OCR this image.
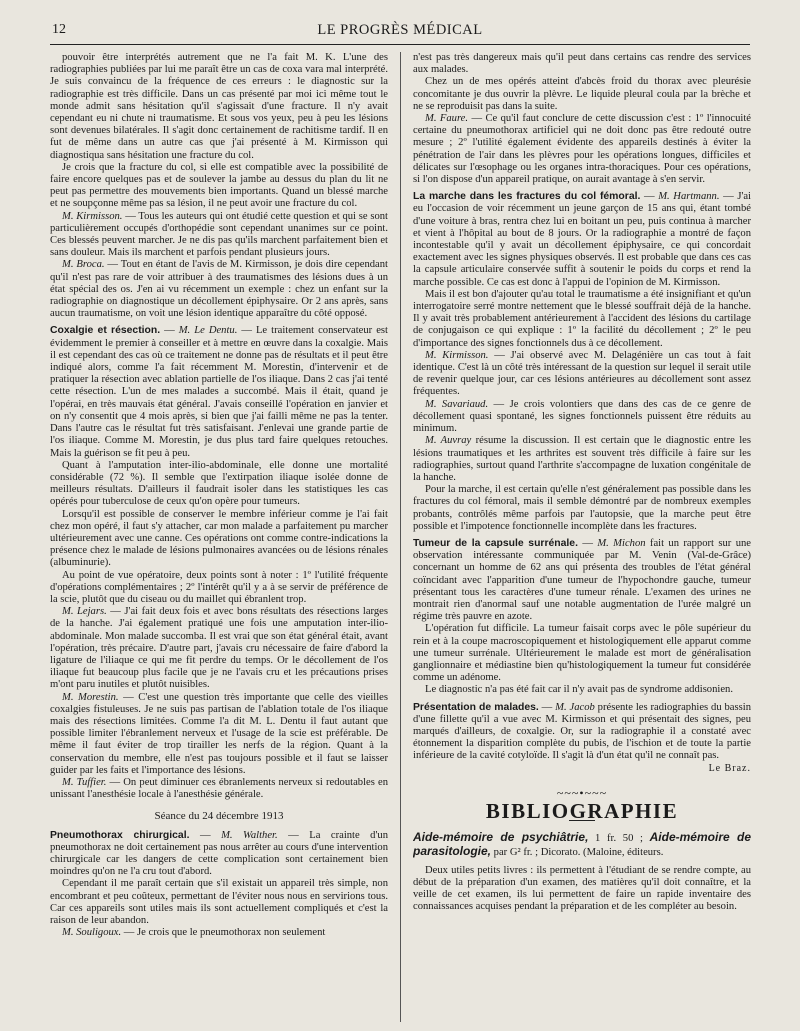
12	LE PROGRÈS MÉDICAL

pouvoir être interprétés autrement que ne l'a fait M. K. L'une des radiographies publiées par lui me paraît être un cas de coxa vara mal interprété. Je suis convaincu de la fréquence de ces erreurs : le diagnostic sur la radiographie est très difficile. Dans un cas présenté par moi ici même tout le monde admit sans hésitation qu'il s'agissait d'une fracture. Il n'y avait cependant eu ni chute ni traumatisme. Et sous vos yeux, peu à peu les lésions sont devenues bilatérales. Il s'agit donc certainement de rachitisme tardif. Il en fut de même dans un autre cas que j'ai présenté à M. Kirmisson qui diagnostiqua sans hésitation une fracture du col.

Je crois que la fracture du col, si elle est compatible avec la possibilité de faire encore quelques pas et de soulever la jambe au dessus du plan du lit ne peut pas permettre des mouvements bien importants. Quand un blessé marche et ne soupçonne même pas sa lésion, il ne peut avoir une fracture du col.

M. Kirmisson. — Tous les auteurs qui ont étudié cette question et qui se sont particulièrement occupés d'orthopédie sont cependant unanimes sur ce point. Ces blessés peuvent marcher. Je ne dis pas qu'ils marchent parfaitement bien et sans douleur. Mais ils marchent et parfois pendant plusieurs jours.

M. Broca. — Tout en étant de l'avis de M. Kirmisson, je dois dire cependant qu'il n'est pas rare de voir attribuer à des traumatismes des lésions dues à un état spécial des os. J'en ai vu récemment un exemple : chez un enfant sur la radiographie on diagnostique un décollement épiphysaire. Or 2 ans après, sans aucun traumatisme, on voit une lésion identique apparaître du côté opposé.

Coxalgie et résection. — M. Le Dentu. — Le traitement conservateur est évidemment le premier à conseiller et à mettre en œuvre dans la coxalgie. Mais il est cependant des cas où ce traitement ne donne pas de résultats et il peut être indiqué alors, comme l'a fait récemment M. Morestin, d'intervenir et de pratiquer la résection avec ablation partielle de l'os iliaque. Dans 2 cas j'ai tenté cette résection. L'un de mes malades a succombé. Mais il était, quand je l'opérai, en très mauvais état général. J'avais conseillé l'opération en janvier et on n'y consentit que 4 mois après, si bien que j'ai failli même ne pas la tenter. Dans l'autre cas le résultat fut très satisfaisant. J'enlevai une grande partie de l'os iliaque. Comme M. Morestin, je dus plus tard faire quelques retouches. Mais la guérison se fit peu à peu.

Quant à l'amputation inter-ilio-abdominale, elle donne une mortalité considérable (72 %). Il semble que l'extirpation iliaque isolée donne de meilleurs résultats. D'ailleurs il faudrait isoler dans les statistiques les cas opérés pour tuberculose de ceux qu'on opère pour tumeurs.

Lorsqu'il est possible de conserver le membre inférieur comme je l'ai fait chez mon opéré, il faut s'y attacher, car mon malade a parfaitement pu marcher ultérieurement avec une canne. Ces opérations ont comme contre-indications la présence chez le malade de lésions pulmonaires avancées ou de lésions rénales (albuminurie).

Au point de vue opératoire, deux points sont à noter : 1º l'utilité fréquente d'opérations complémentaires ; 2º l'intérêt qu'il y a à se servir de préférence de la scie, plutôt que du ciseau ou du maillet qui ébranlent trop.

M. Lejars. — J'ai fait deux fois et avec bons résultats des résections larges de la hanche. J'ai également pratiqué une fois une amputation inter-ilio-abdominale. Mon malade succomba. Il est vrai que son état général était, avant l'opération, très précaire. D'autre part, j'avais cru nécessaire de faire d'abord la ligature de l'iliaque ce qui me fit perdre du temps. Or le décollement de l'os iliaque fut beaucoup plus facile que je ne l'avais cru et les précautions prises m'ont paru inutiles et plutôt nuisibles.

M. Morestin. — C'est une question très importante que celle des vieilles coxalgies fistuleuses. Je ne suis pas partisan de l'ablation totale de l'os iliaque mais des résections limitées. Comme l'a dit M. L. Dentu il faut autant que possible limiter l'ébranlement nerveux et l'usage de la scie est préférable. De même il faut éviter de trop tirailler les nerfs de la région. Quant à la conservation du membre, elle n'est pas toujours possible et il faut se laisser guider par les faits et l'importance des lésions.

M. Tuffier. — On peut diminuer ces ébranlements nerveux si redoutables en unissant l'anesthésie locale à l'anesthésie générale.

Séance du 24 décembre 1913

Pneumothorax chirurgical. — M. Walther. — La crainte d'un pneumothorax ne doit certainement pas nous arrêter au cours d'une intervention chirurgicale car les dangers de cette complication sont certainement bien moindres qu'on ne l'a cru tout d'abord.

Cependant il me paraît certain que s'il existait un appareil très simple, non encombrant et peu coûteux, permettant de l'éviter nous nous en servirions tous. Car ces appareils sont utiles mais ils sont actuellement compliqués et c'est la raison de leur abandon.

M. Souligoux. — Je crois que le pneumothorax non seulement

n'est pas très dangereux mais qu'il peut dans certains cas rendre des services aux malades.

Chez un de mes opérés atteint d'abcès froid du thorax avec pleurésie concomitante je dus ouvrir la plèvre. Le liquide pleural coula par la brèche et ne se reproduisit pas dans la suite.

M. Faure. — Ce qu'il faut conclure de cette discussion c'est : 1º l'innocuité certaine du pneumothorax artificiel qui ne doit donc pas être redouté outre mesure ; 2º l'utilité également évidente des appareils destinés à éviter la pénétration de l'air dans les plèvres pour les opérations longues, difficiles et délicates sur l'œsophage ou les organes intra-thoraciques. Pour ces opérations, si l'on dispose d'un appareil pratique, on aurait avantage à s'en servir.

La marche dans les fractures du col fémoral. — M. Hartmann. — J'ai eu l'occasion de voir récemment un jeune garçon de 15 ans qui, étant tombé d'une voiture à bras, rentra chez lui en boitant un peu, puis continua à marcher et vient à l'hôpital au bout de 8 jours. Or la radiographie a montré de façon incontestable qu'il y avait un décollement épiphysaire, ce qui concordait exactement avec les signes physiques observés. Il est probable que dans ces cas la capsule articulaire conservée suffit à soutenir le poids du corps et rend la marche possible. Ce cas est donc à l'appui de l'opinion de M. Kirmisson.

Mais il est bon d'ajouter qu'au total le traumatisme a été insignifiant et qu'un interrogatoire serré montre nettement que le blessé souffrait déjà de la hanche. Il y avait très probablement antérieurement à l'accident des lésions du cartilage de conjugaison ce qui explique : 1º la facilité du décollement ; 2º le peu d'importance des signes fonctionnels dus à ce décollement.

M. Kirmisson. — J'ai observé avec M. Delagénière un cas tout à fait identique. C'est là un côté très intéressant de la question sur lequel il serait utile de revenir quelque jour, car ces lésions antérieures au décollement sont assez fréquentes.

M. Savariaud. — Je crois volontiers que dans des cas de ce genre de décollement quasi spontané, les signes fonctionnels puissent être réduits au minimum.

M. Auvray résume la discussion. Il est certain que le diagnostic entre les lésions traumatiques et les arthrites est souvent très difficile à faire sur les radiographies, surtout quand l'arthrite s'accompagne de luxation congénitale de la hanche.

Pour la marche, il est certain qu'elle n'est généralement pas possible dans les fractures du col fémoral, mais il semble démontré par de nombreux exemples probants, contrôlés même parfois par l'autopsie, que la marche peut être possible et l'impotence fonctionnelle incomplète dans les fractures.

Tumeur de la capsule surrénale. — M. Michon fait un rapport sur une observation intéressante communiquée par M. Venin (Val-de-Grâce) concernant un homme de 62 ans qui présenta des troubles de l'état général coïncidant avec l'apparition d'une tumeur de l'hypochondre gauche, tumeur présentant tous les caractères d'une tumeur rénale. L'examen des urines ne montrait rien d'anormal sauf une notable augmentation de l'urée malgré un régime très pauvre en azote.

L'opération fut difficile. La tumeur faisait corps avec le pôle supérieur du rein et à la coupe macroscopiquement et histologiquement elle apparut comme une tumeur surrénale. Ultérieurement le malade est mort de généralisation ganglionnaire et médiastine bien qu'histologiquement la tumeur fut considérée comme un adénome.

Le diagnostic n'a pas été fait car il n'y avait pas de syndrome addisonien.

Présentation de malades. — M. Jacob présente les radiographies du bassin d'une fillette qu'il a vue avec M. Kirmisson et qui présentait des signes, peu marqués d'ailleurs, de coxalgie. Or, sur la radiographie il a constaté avec étonnement la disparition complète du pubis, de l'ischion et de toute la partie inférieure de la cavité cotyloïde. Il s'agit là d'un état qu'il ne connaît pas.

Le Braz.

~~~•~~~
BIBLIOGRAPHIE

Aide-mémoire de psychiâtrie, 1 fr. 50 ; Aide-mémoire de parasitologie, par G² fr. ; Dicorato. (Maloine, éditeurs.

Deux utiles petits livres : ils permettent à l'étudiant de se rendre compte, au début de la préparation d'un examen, des matières qu'il doit connaître, et la veille de cet examen, ils lui permettent de faire un rapide inventaire des connaissances acquises pendant la préparation et de les compléter au besoin.
